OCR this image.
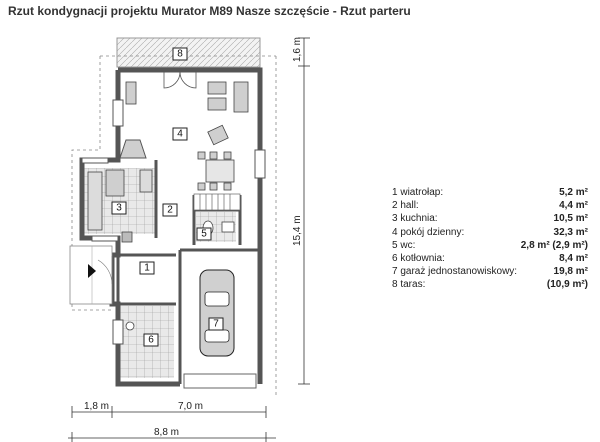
Rzut kondygnacji projektu Murator M89 Nasze szczęście - Rzut parteru
8
4
3	2
5
1
6
7
1,8 m	7,0 m
8,8 m
1,6 m
15,4 m
1 wiatrołap:	5,2 m²
2 hall:	4,4 m²
3 kuchnia:	10,5 m²
4 pokój dzienny:	32,3 m²
5 wc:	2,8 m² (2,9 m²)
6 kotłownia:	8,4 m²
7 garaż jednostanowiskowy:	19,8 m²
8 taras:	(10,9 m²)
